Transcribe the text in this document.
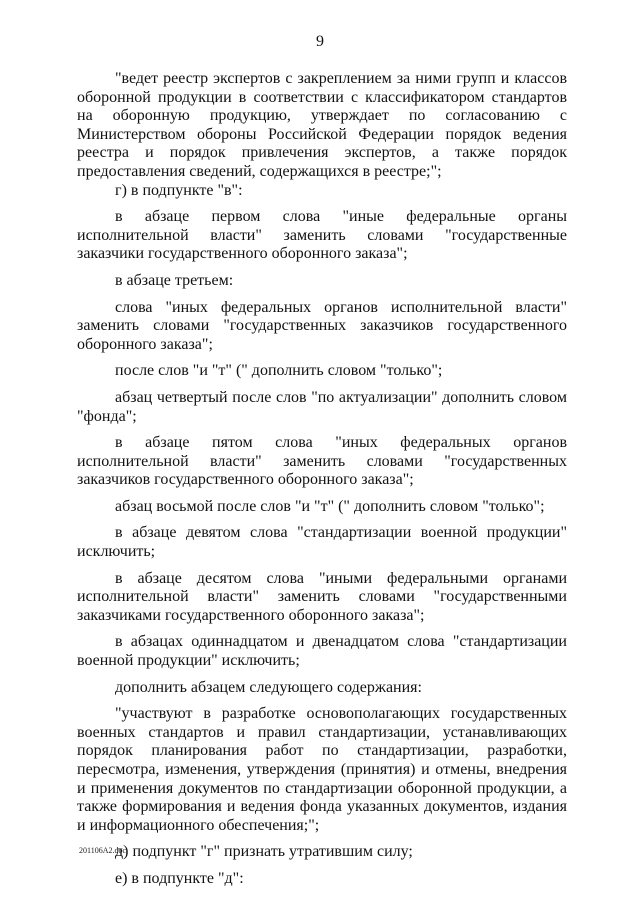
9

"ведет реестр экспертов с закреплением за ними групп и классов оборонной продукции в соответствии с классификатором стандартов на оборонную продукцию, утверждает по согласованию с Министерством обороны Российской Федерации порядок ведения реестра и порядок привлечения экспертов, а также порядок предоставления сведений, содержащихся в реестре;";

г) в подпункте "в":

в абзаце первом слова "иные федеральные органы исполнительной власти" заменить словами "государственные заказчики государственного оборонного заказа";

в абзаце третьем:

слова "иных федеральных органов исполнительной власти" заменить словами "государственных заказчиков государственного оборонного заказа";

после слов "и "т" (" дополнить словом "только";

абзац четвертый после слов "по актуализации" дополнить словом "фонда";

в абзаце пятом слова "иных федеральных органов исполнительной власти" заменить словами "государственных заказчиков государственного оборонного заказа";

абзац восьмой после слов "и "т" (" дополнить словом "только";

в абзаце девятом слова "стандартизации военной продукции" исключить;

в абзаце десятом слова "иными федеральными органами исполнительной власти" заменить словами "государственными заказчиками государственного оборонного заказа";

в абзацах одиннадцатом и двенадцатом слова "стандартизации военной продукции" исключить;

дополнить абзацем следующего содержания:

"участвуют в разработке основополагающих государственных военных стандартов и правил стандартизации, устанавливающих порядок планирования работ по стандартизации, разработки, пересмотра, изменения, утверждения (принятия) и отмены, внедрения и применения документов по стандартизации оборонной продукции, а также формирования и ведения фонда указанных документов, издания и информационного обеспечения;";

д) подпункт "г" признать утратившим силу;

е) в подпункте "д":

201106A2.doc
